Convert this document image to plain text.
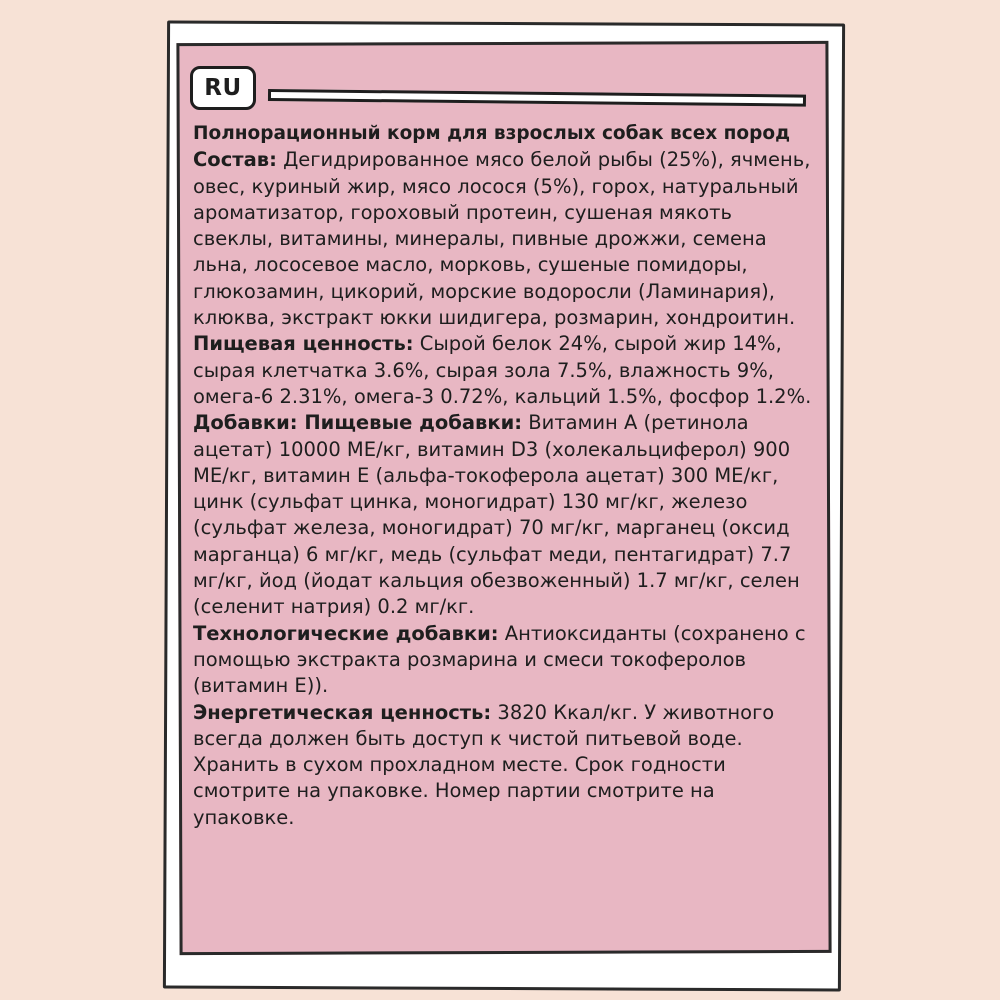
RU

Полнорационный корм для взрослых собак всех пород

Состав: Дегидрированное мясо белой рыбы (25%), ячмень, овес, куриный жир, мясо лосося (5%), горох, натуральный ароматизатор, гороховый протеин, сушеная мякоть свеклы, витамины, минералы, пивные дрожжи, семена льна, лососевое масло, морковь, сушеные помидоры, глюкозамин, цикорий, морские водоросли (Ламинария), клюква, экстракт юкки шидигера, розмарин, хондроитин.

Пищевая ценность: Сырой белок 24%, сырой жир 14%, сырая клетчатка 3.6%, сырая зола 7.5%, влажность 9%, омега-6 2.31%, омега-3 0.72%, кальций 1.5%, фосфор 1.2%.

Добавки: Пищевые добавки: Витамин А (ретинола ацетат) 10000 МЕ/кг, витамин D3 (холекальциферол) 900 МЕ/кг, витамин Е (альфа-токоферола ацетат) 300 МЕ/кг, цинк (сульфат цинка, моногидрат) 130 мг/кг, железо (сульфат железа, моногидрат) 70 мг/кг, марганец (оксид марганца) 6 мг/кг, медь (сульфат меди, пентагидрат) 7.7 мг/кг, йод (йодат кальция обезвоженный) 1.7 мг/кг, селен (селенит натрия) 0.2 мг/кг.

Технологические добавки: Антиоксиданты (сохранено с помощью экстракта розмарина и смеси токоферолов (витамин Е)).

Энергетическая ценность: 3820 Ккал/кг. У животного всегда должен быть доступ к чистой питьевой воде. Хранить в сухом прохладном месте. Срок годности смотрите на упаковке. Номер партии смотрите на упаковке.
